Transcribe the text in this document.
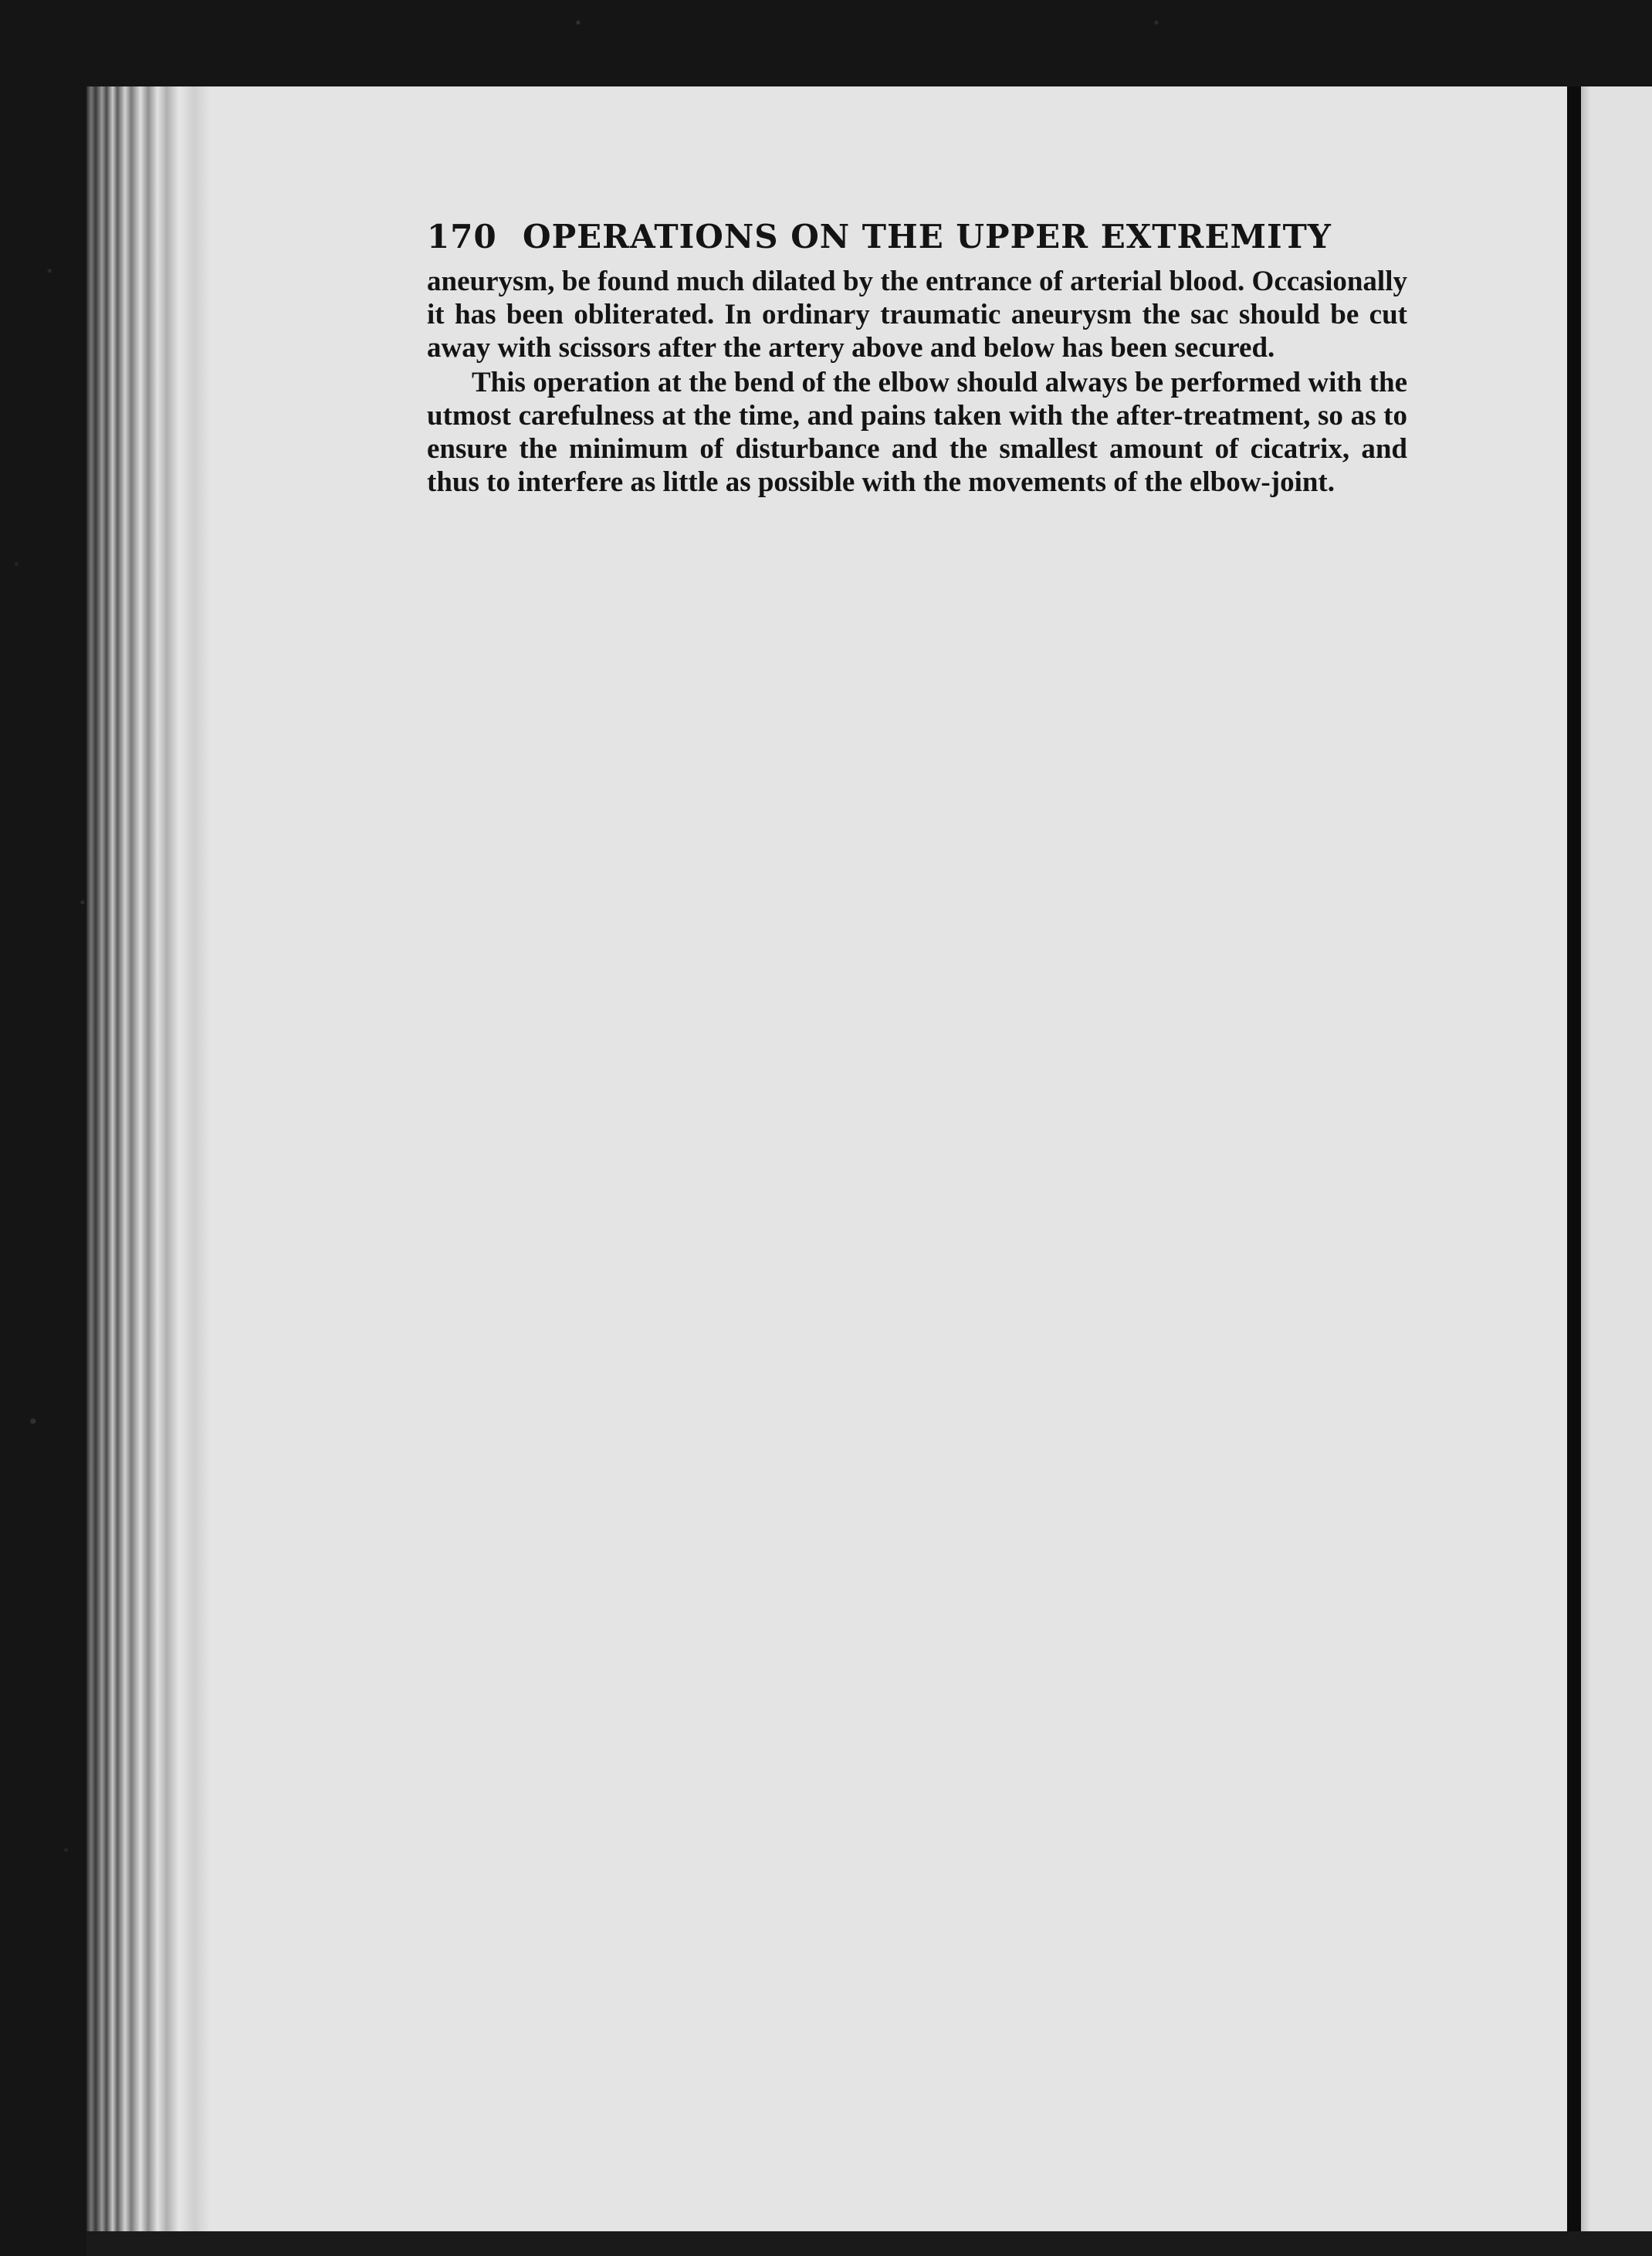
170 OPERATIONS ON THE UPPER EXTREMITY

aneurysm, be found much dilated by the entrance of arterial blood. Occasionally it has been obliterated. In ordinary traumatic aneurysm the sac should be cut away with scissors after the artery above and below has been secured.

This operation at the bend of the elbow should always be performed with the utmost carefulness at the time, and pains taken with the after-treatment, so as to ensure the minimum of disturbance and the smallest amount of cicatrix, and thus to interfere as little as possible with the movements of the elbow-joint.
